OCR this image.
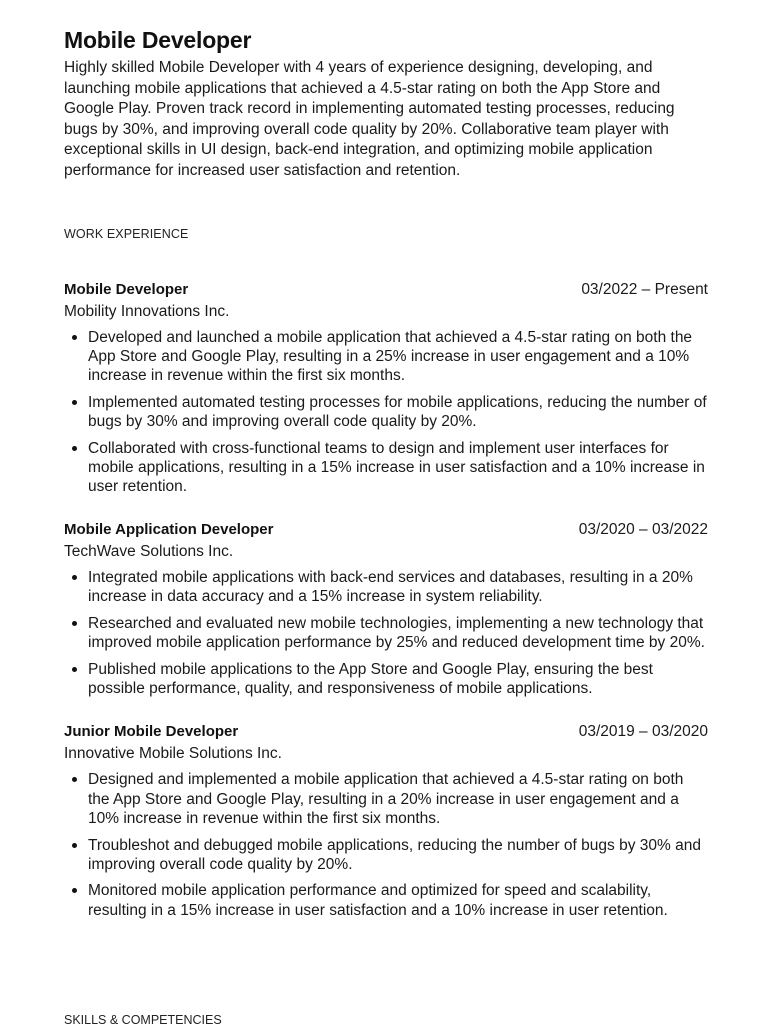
Mobile Developer

Highly skilled Mobile Developer with 4 years of experience designing, developing, and launching mobile applications that achieved a 4.5-star rating on both the App Store and Google Play. Proven track record in implementing automated testing processes, reducing bugs by 30%, and improving overall code quality by 20%. Collaborative team player with exceptional skills in UI design, back-end integration, and optimizing mobile application performance for increased user satisfaction and retention.

WORK EXPERIENCE
Mobile Developer	03/2022 – Present
Mobility Innovations Inc.
Developed and launched a mobile application that achieved a 4.5-star rating on both the App Store and Google Play, resulting in a 25% increase in user engagement and a 10% increase in revenue within the first six months.
Implemented automated testing processes for mobile applications, reducing the number of bugs by 30% and improving overall code quality by 20%.
Collaborated with cross-functional teams to design and implement user interfaces for mobile applications, resulting in a 15% increase in user satisfaction and a 10% increase in user retention.
Mobile Application Developer	03/2020 – 03/2022
TechWave Solutions Inc.
Integrated mobile applications with back-end services and databases, resulting in a 20% increase in data accuracy and a 15% increase in system reliability.
Researched and evaluated new mobile technologies, implementing a new technology that improved mobile application performance by 25% and reduced development time by 20%.
Published mobile applications to the App Store and Google Play, ensuring the best possible performance, quality, and responsiveness of mobile applications.
Junior Mobile Developer	03/2019 – 03/2020
Innovative Mobile Solutions Inc.
Designed and implemented a mobile application that achieved a 4.5-star rating on both the App Store and Google Play, resulting in a 20% increase in user engagement and a 10% increase in revenue within the first six months.
Troubleshot and debugged mobile applications, reducing the number of bugs by 30% and improving overall code quality by 20%.
Monitored mobile application performance and optimized for speed and scalability, resulting in a 15% increase in user satisfaction and a 10% increase in user retention.
SKILLS & COMPETENCIES
